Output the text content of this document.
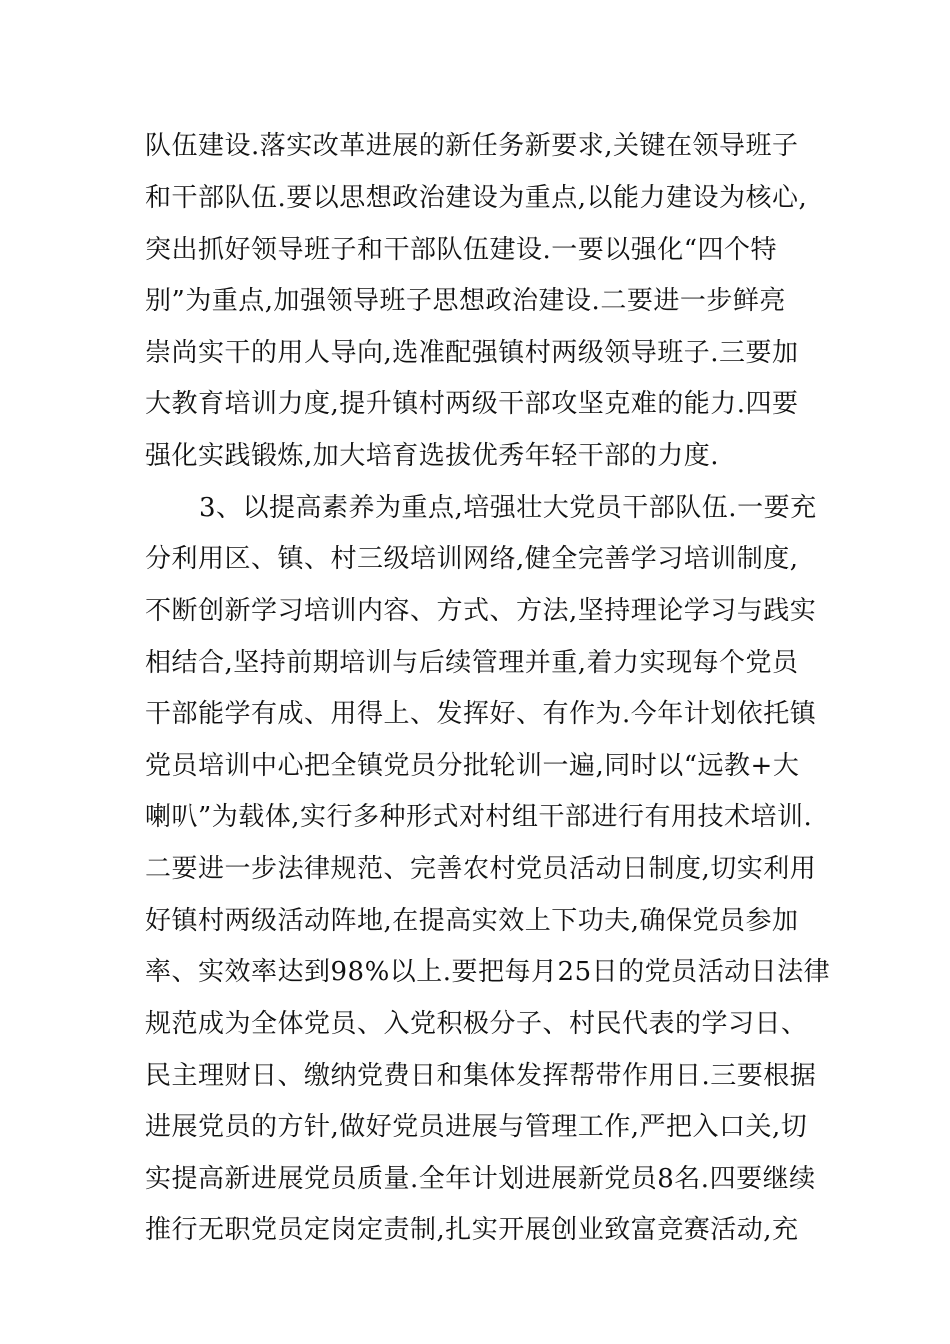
队伍建设.落实改革进展的新任务新要求,关键在领导班子
和干部队伍.要以思想政治建设为重点,以能力建设为核心,
突出抓好领导班子和干部队伍建设.一要以强化“四个特
别”为重点,加强领导班子思想政治建设.二要进一步鲜亮
崇尚实干的用人导向,选准配强镇村两级领导班子.三要加
大教育培训力度,提升镇村两级干部攻坚克难的能力.四要
强化实践锻炼,加大培育选拔优秀年轻干部的力度.
3、以提高素养为重点,培强壮大党员干部队伍.一要充
分利用区、镇、村三级培训网络,健全完善学习培训制度,
不断创新学习培训内容、方式、方法,坚持理论学习与践实
相结合,坚持前期培训与后续管理并重,着力实现每个党员
干部能学有成、用得上、发挥好、有作为.今年计划依托镇
党员培训中心把全镇党员分批轮训一遍,同时以“远教+大
喇叭”为载体,实行多种形式对村组干部进行有用技术培训.
二要进一步法律规范、完善农村党员活动日制度,切实利用
好镇村两级活动阵地,在提高实效上下功夫,确保党员参加
率、实效率达到98%以上.要把每月25日的党员活动日法律
规范成为全体党员、入党积极分子、村民代表的学习日、
民主理财日、缴纳党费日和集体发挥帮带作用日.三要根据
进展党员的方针,做好党员进展与管理工作,严把入口关,切
实提高新进展党员质量.全年计划进展新党员8名.四要继续
推行无职党员定岗定责制,扎实开展创业致富竞赛活动,充
